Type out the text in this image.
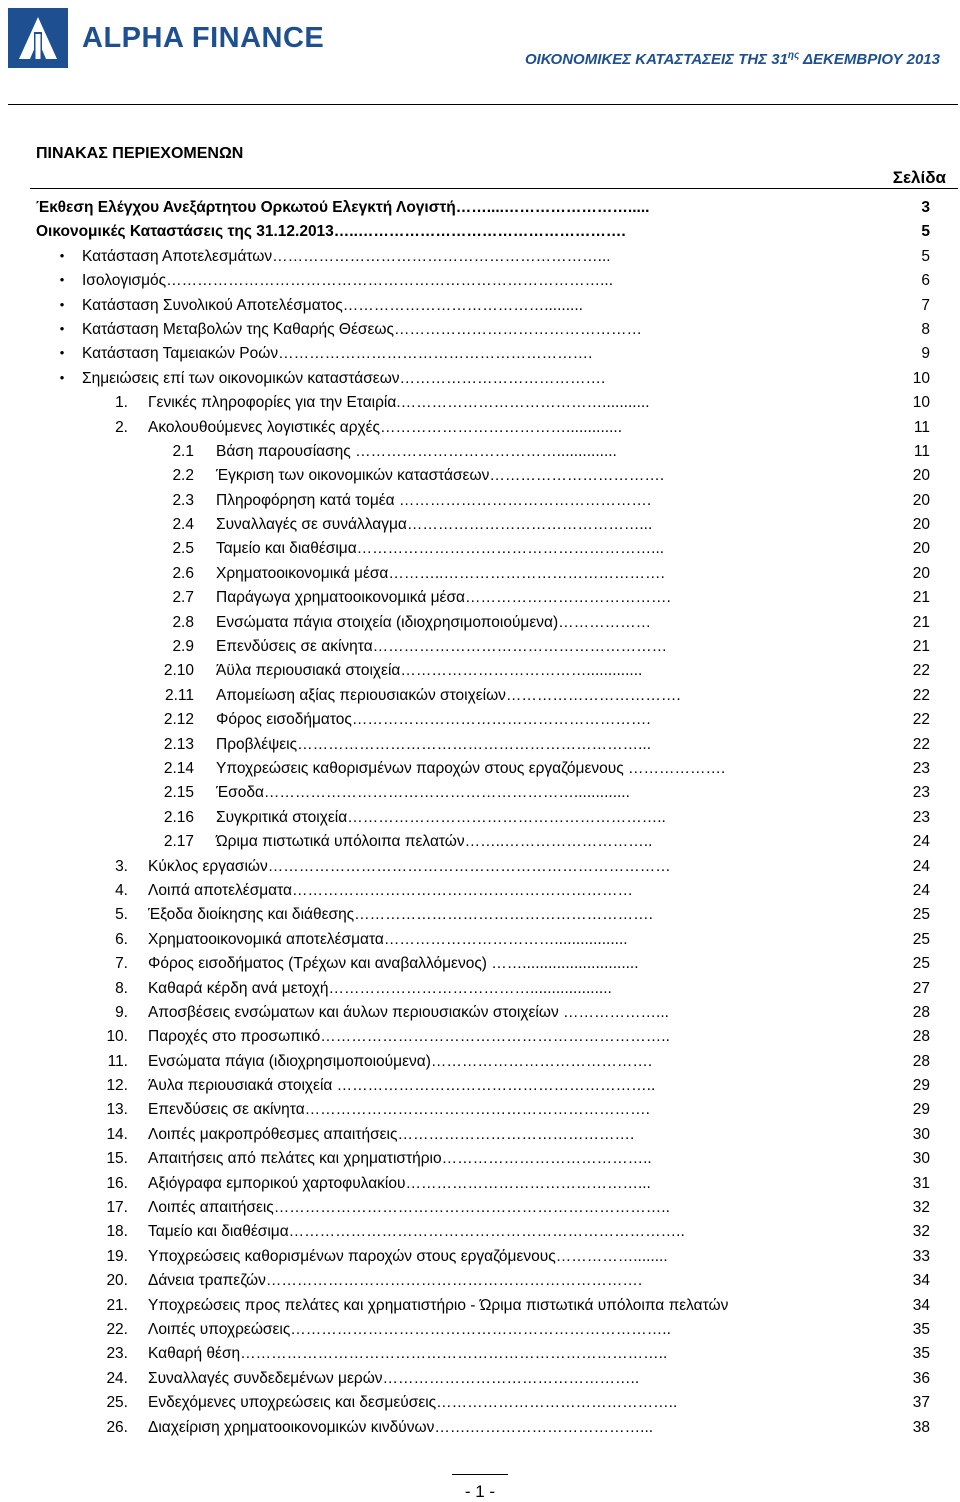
ALPHA FINANCE
ΟΙΚΟΝΟΜΙΚΕΣ ΚΑΤΑΣΤΑΣΕΙΣ ΤΗΣ $31^{\eta\varsigma}$ ΔΕΚΕΜΒΡΙΟΥ 2013
ΠΙΝΑΚΑΣ ΠΕΡΙΕΧΟΜΕΝΩΝ
Σελίδα
Έκθεση Ελέγχου Ανεξάρτητου Ορκωτού Ελεγκτή Λογιστή……....…………………….....	3
Οικονομικές Καταστάσεις της 31.12.2013…..…………………………………………….	5
• Κατάσταση Αποτελεσμάτων………………………………………………………...	5
• Ισολογισμός…………………………………………………………………………...	6
• Κατάσταση Συνολικού Αποτελέσματος………………………………….........	7
• Κατάσταση Μεταβολών της Καθαρής Θέσεως…………………………………………	8
• Κατάσταση Ταμειακών Ροών…………………………………………………….	9
• Σημειώσεις επί των οικονομικών καταστάσεων………………………………….	10
1. Γενικές πληροφορίες για την Εταιρία.…………………………………...........	10
2. Ακολουθούμενες λογιστικές αρχές……………………………….............	11
2.1 Βάση παρουσίασης …………………………………..............	11
2.2 Έγκριση των οικονομικών καταστάσεων…………………………….	20
2.3 Πληροφόρηση κατά τομέα ………………………………………….	20
2.4 Συναλλαγές σε συνάλλαγμα………………………………………...	20
2.5 Ταμείο και διαθέσιμα…………………………………………………...	20
2.6 Χρηματοοικονομικά μέσα………..…………………………………….	20
2.7 Παράγωγα χρηματοοικονομικά μέσα………………………………….	21
2.8 Ενσώματα πάγια στοιχεία (ιδιοχρησιμοποιούμενα)………………	21
2.9 Επενδύσεις σε ακίνητα…………………………………………………	21
2.10 Άϋλα περιουσιακά στοιχεία……………………………….............	22
2.11 Απομείωση αξίας περιουσιακών στοιχείων…………………………….	22
2.12 Φόρος εισοδήματος………………………………………………….	22
2.13 Προβλέψεις…………………………………………………………...	22
2.14 Υποχρεώσεις καθορισμένων παροχών στους εργαζόμενους ……………….	23
2.15 Έσοδα…………………………………………………….............	23
2.16 Συγκριτικά στοιχεία……………………………………………………..	23
2.17 Ώριμα πιστωτικά υπόλοιπα πελατών……..………………………..	24
3. Κύκλος εργασιών……………………………………………………………………	24
4. Λοιπά αποτελέσματα…………………………………………………………	24
5. Έξοδα διοίκησης και διάθεσης………………………………………………….	25
6. Χρηματοοικονομικά αποτελέσματα…………………………….................	25
7. Φόρος εισοδήματος (Τρέχων και αναβαλλόμενος) ……...........................	25
8. Καθαρά κέρδη ανά μετοχή…………………………………...................	27
9. Αποσβέσεις ενσώματων και άυλων περιουσιακών στοιχείων ………………...	28
10. Παροχές στο προσωπικό…………………………………………………………..	28
11. Ενσώματα πάγια (ιδιοχρησιμοποιούμενα)…………………………………….	28
12. Άυλα περιουσιακά στοιχεία ……………………………………………………..	29
13. Επενδύσεις σε ακίνητα………………………………………………………….	29
14. Λοιπές μακροπρόθεσμες απαιτήσεις……………………………………….	30
15. Απαιτήσεις από πελάτες και χρηματιστήριο…………………………………..	30
16. Αξιόγραφα εμπορικού χαρτοφυλακίου………………………………………...	31
17. Λοιπές απαιτήσεις…………………………………………………………………..	32
18. Ταμείο και διαθέσιμα…………………………………………………………………..	32
19. Υποχρεώσεις καθορισμένων παροχών στους εργαζόμενους……………........	33
20. Δάνεια τραπεζών……………………………………………………………….	34
21. Υποχρεώσεις προς πελάτες και χρηματιστήριο - Ώριμα πιστωτικά υπόλοιπα πελατών	34
22. Λοιπές υποχρεώσεις………………………………………………………………..	35
23. Καθαρή θέση………………………………………………………………………..	35
24. Συναλλαγές συνδεδεμένων μερών…………………………………………..	36
25. Ενδεχόμενες υποχρεώσεις και δεσμεύσεις………………………………………..	37
26. Διαχείριση χρηματοοικονομικών κινδύνων…….……………………………...	38
- 1 -
